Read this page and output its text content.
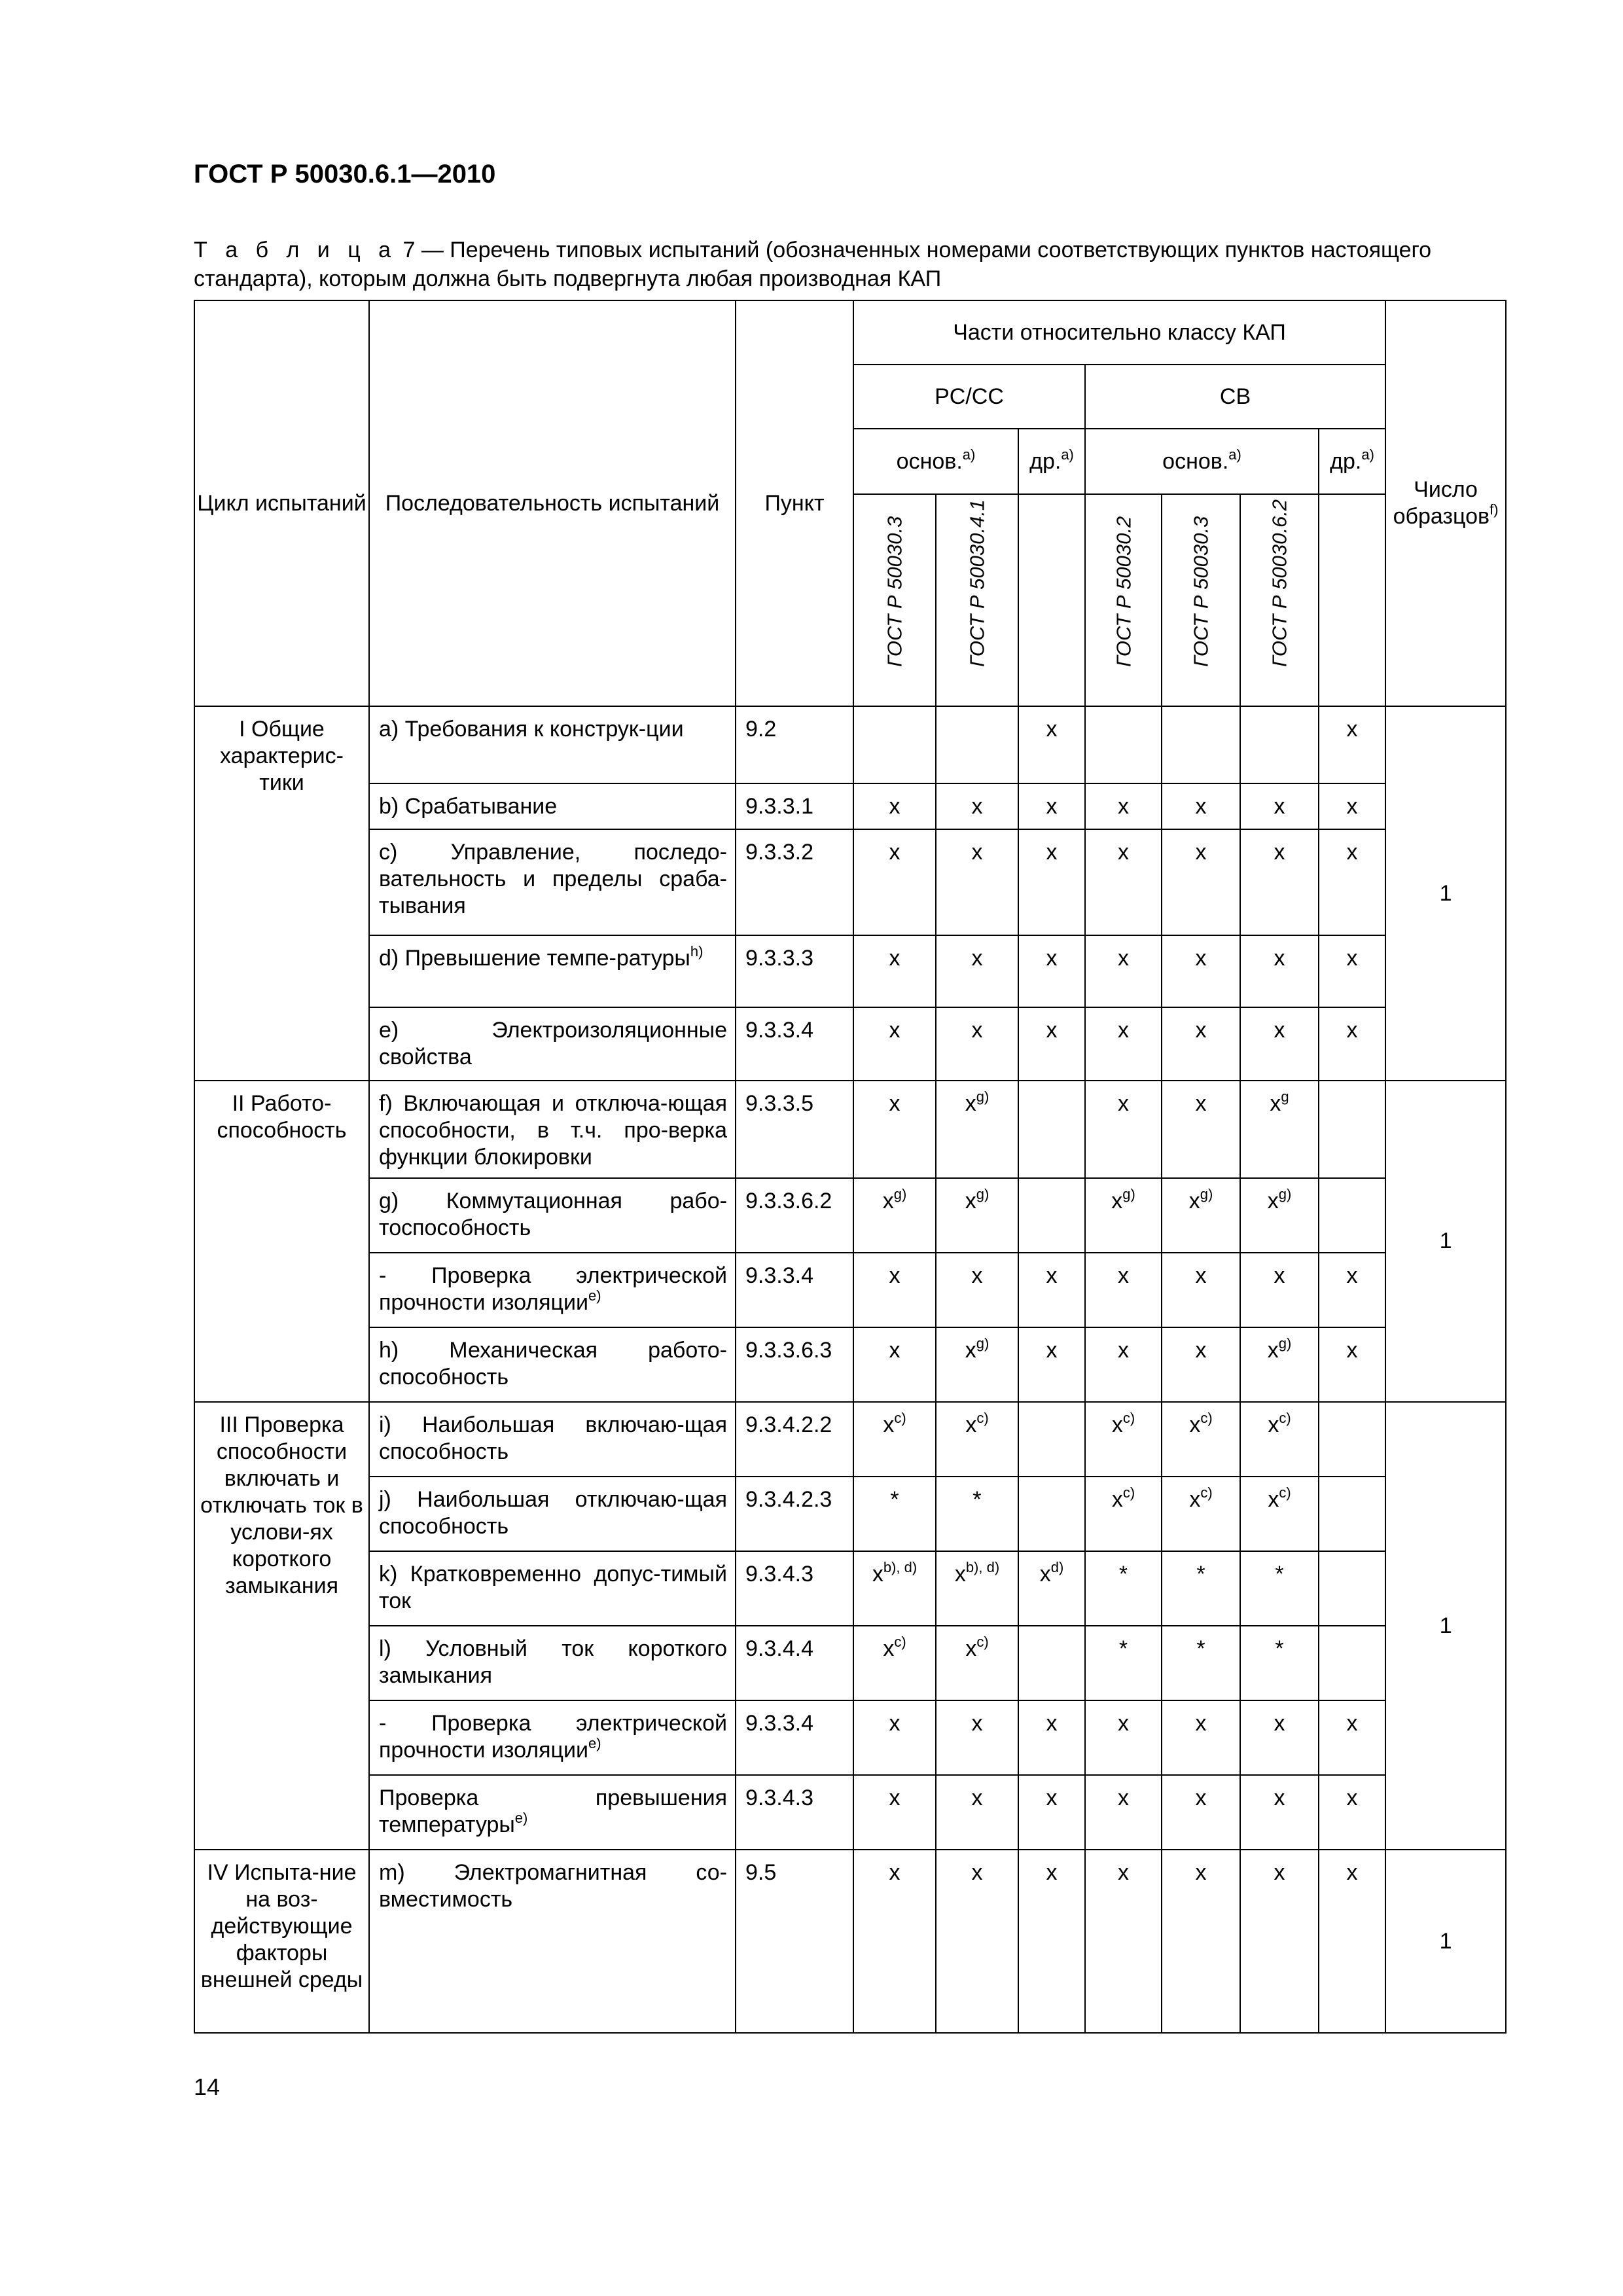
ГОСТ Р 50030.6.1—2010
Т а б л и ц а 7 — Перечень типовых испытаний (обозначенных номерами соответствующих пунктов настоящего стандарта), которым должна быть подвергнута любая производная КАП
Цикл испытаний	Последовательность испытаний	Пункт	Части относительно классу КАП							Число образцов$^{f)}$
			PC/CC			CB				
			основ.$^{a)}$		др.$^{a)}$	основ.$^{a)}$			др.$^{a)}$

			ГОСТ Р 50030.3	ГОСТ Р 50030.4.1		ГОСТ Р 50030.2	ГОСТ Р 50030.3	ГОСТ Р 50030.6.2		

I Общие характерис-тики	a) Требования к конструк-ции	9.2			x				x	1
	b) Срабатывание	9.3.3.1	x	x	x	x	x	x	x	
	c) Управление, последо-вательность и пределы сраба-тывания	9.3.3.2	x	x	x	x	x	x	x	
	d) Превышение темпе-ратуры$^{h)}$	9.3.3.3	x	x	x	x	x	x	x	
	e) Электроизоляционные свойства	9.3.3.4	x	x	x	x	x	x	x	
II Работо-способность	f) Включающая и отключа-ющая способности, в т.ч. про-верка функции блокировки	9.3.3.5	x	$x^{g)}$		x	x	$x^g$		1
	g) Коммутационная рабо-тоспособность	9.3.3.6.2	$x^{g)}$	$x^{g)}$		$x^{g)}$	$x^{g)}$	$x^{g)}$	
	- Проверка электрической прочности изоляции$^{e)}$	9.3.3.4	x	x	x	x	x	x	x	
	h) Механическая работо-способность	9.3.3.6.3	x	$x^{g)}$	x	x	x	$x^{g)}$	x	
III Проверка способности включать и отключать ток в услови-ях короткого замыкания	i) Наибольшая включаю-щая способность	9.3.4.2.2	$x^{c)}$	$x^{c)}$		$x^{c)}$	$x^{c)}$	$x^{c)}$		1
	j) Наибольшая отключаю-щая способность	9.3.4.2.3	*	*		$x^{c)}$	$x^{c)}$	$x^{c)}$	
	k) Кратковременно допус-тимый ток	9.3.4.3	$x^{b), d)}$	$x^{b), d)}$	$x^{d)}$	*	*	*		
	l) Условный ток короткого замыкания	9.3.4.4	$x^{c)}$	$x^{c)}$		*	*	*		
	- Проверка электрической прочности изоляции$^{e)}$	9.3.3.4	x	x	x	x	x	x	x	
	Проверка превышения температуры$^{e)}$	9.3.4.3	x	x	x	x	x	x	x	
IV Испыта-ние на воз-действующие факторы внешней среды	m) Электромагнитная со-вместимость	9.5	x	x	x	x	x	x	x	1
14
